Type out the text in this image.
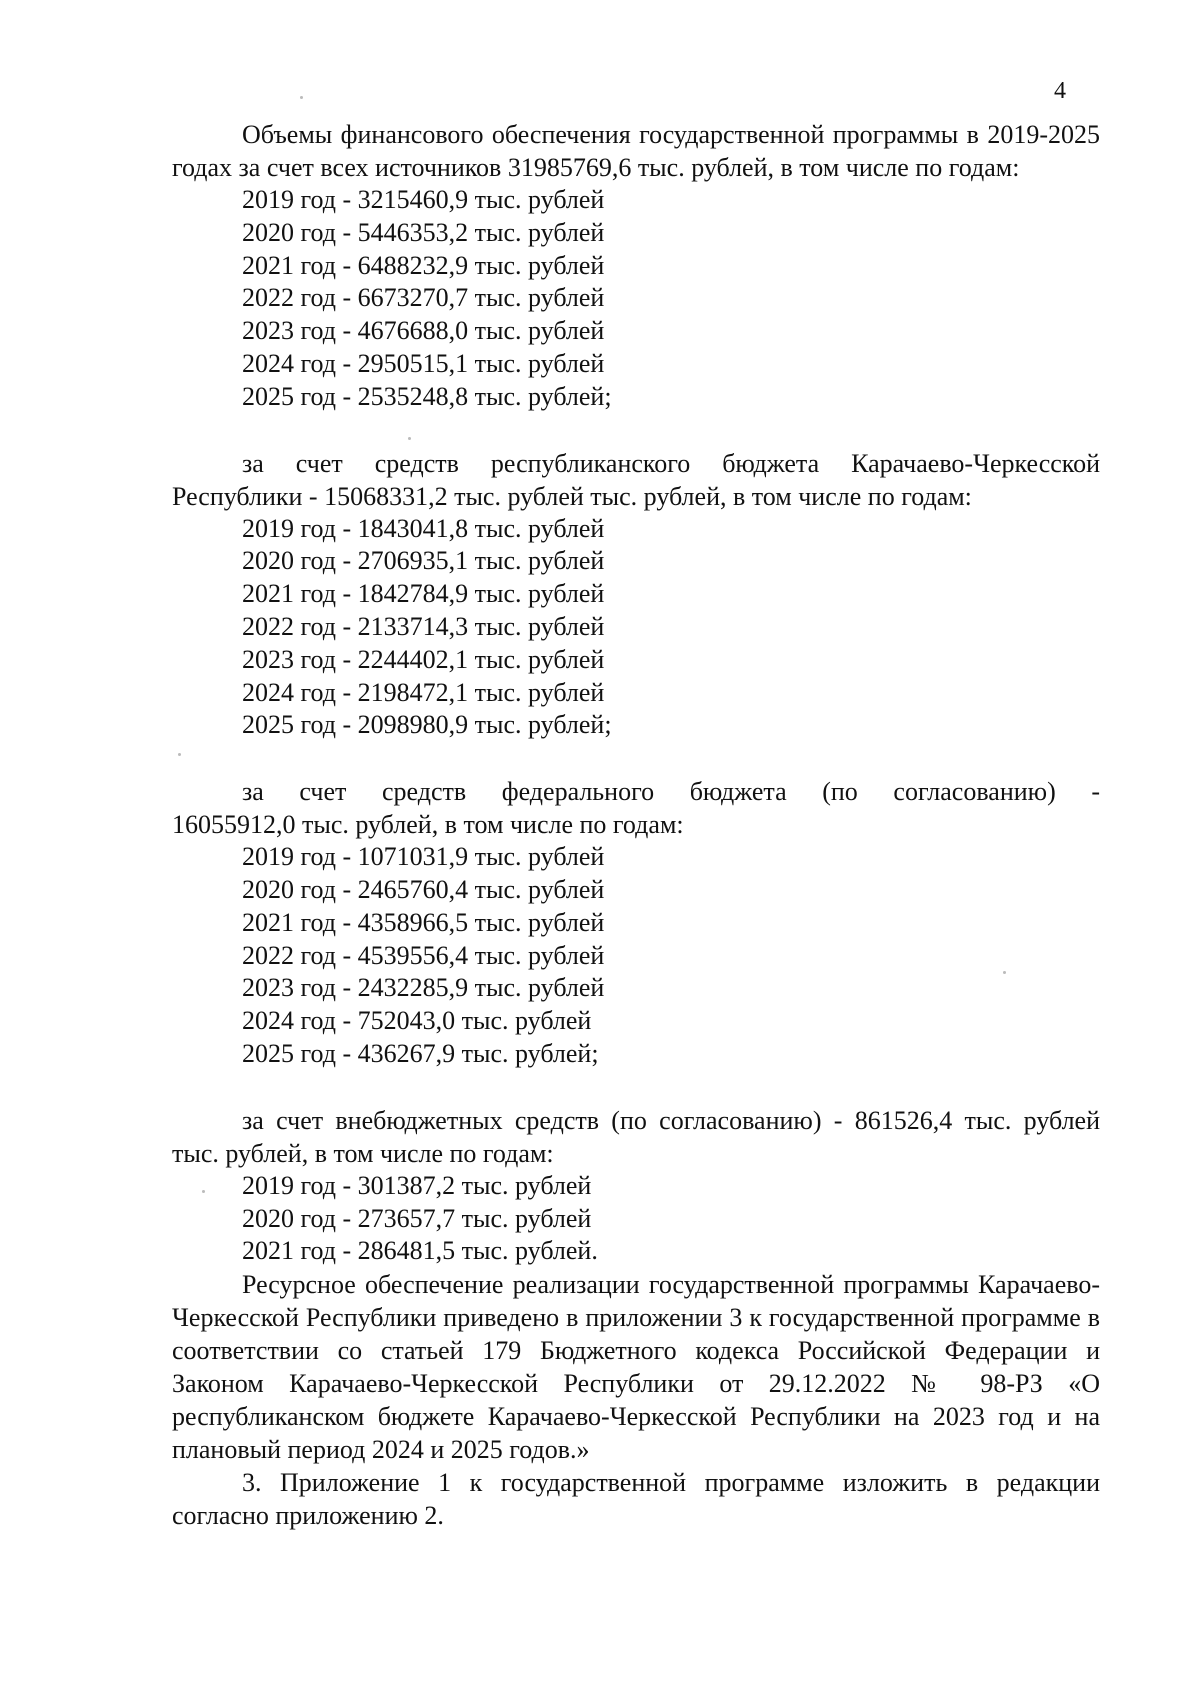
4

Объемы финансового обеспечения государственной программы в 2019-2025 годах за счет всех источников 31985769,6 тыс. рублей, в том числе по годам:

2019 год - 3215460,9 тыс. рублей
2020 год - 5446353,2 тыс. рублей
2021 год - 6488232,9 тыс. рублей
2022 год - 6673270,7 тыс. рублей
2023 год - 4676688,0 тыс. рублей
2024 год - 2950515,1 тыс. рублей
2025 год - 2535248,8 тыс. рублей;

за счет средств республиканского бюджета Карачаево-Черкесской Республики - 15068331,2 тыс. рублей тыс. рублей, в том числе по годам:

2019 год - 1843041,8 тыс. рублей
2020 год - 2706935,1 тыс. рублей
2021 год - 1842784,9 тыс. рублей
2022 год - 2133714,3 тыс. рублей
2023 год - 2244402,1 тыс. рублей
2024 год - 2198472,1 тыс. рублей
2025 год - 2098980,9 тыс. рублей;
за счет средств федерального бюджета (по согласованию) -

16055912,0 тыс. рублей, в том числе по годам:

2019 год - 1071031,9 тыс. рублей
2020 год - 2465760,4 тыс. рублей
2021 год - 4358966,5 тыс. рублей
2022 год - 4539556,4 тыс. рублей
2023 год - 2432285,9 тыс. рублей
2024 год - 752043,0 тыс. рублей
2025 год - 436267,9 тыс. рублей;

за счет внебюджетных средств (по согласованию) - 861526,4 тыс. рублей тыс. рублей, в том числе по годам:

2019 год - 301387,2 тыс. рублей
2020 год - 273657,7 тыс. рублей
2021 год - 286481,5 тыс. рублей.

Ресурсное обеспечение реализации государственной программы Карачаево-Черкесской Республики приведено в приложении 3 к государственной программе в соответствии со статьей 179 Бюджетного кодекса Российской Федерации и Законом Карачаево-Черкесской Республики от 29.12.2022 № 98-РЗ «О республиканском бюджете Карачаево-Черкесской Республики на 2023 год и на плановый период 2024 и 2025 годов.»

3. Приложение 1 к государственной программе изложить в редакции согласно приложению 2.
